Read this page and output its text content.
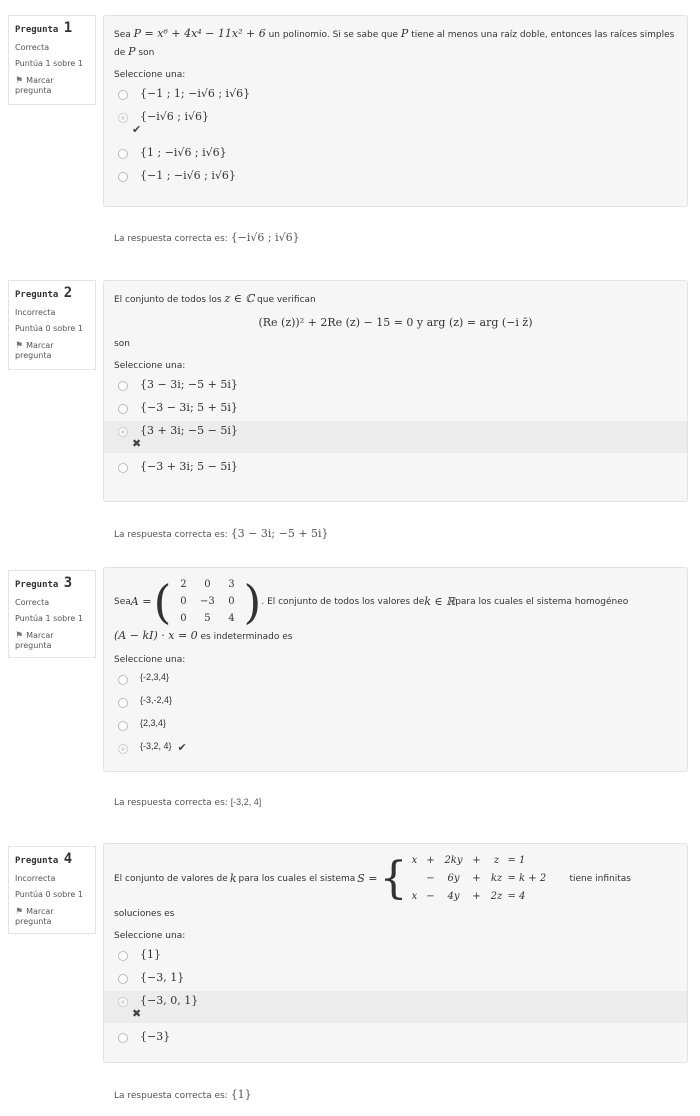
Pregunta 1
Correcta
Puntúa 1 sobre 1
⚑ Marcar pregunta
Sea P = x⁶ + 4x⁴ − 11x² + 6 un polinomio. Si se sabe que P tiene al menos una raíz doble, entonces las raíces simples de P son
Seleccione una:
{−1 ; 1; −i√6 ; i√6}
{−i√6 ; i√6}
✔
{1 ; −i√6 ; i√6}
{−1 ; −i√6 ; i√6}
La respuesta correcta es: {−i√6 ; i√6}
Pregunta 2
Incorrecta
Puntúa 0 sobre 1
⚑ Marcar pregunta
El conjunto de todos los z ∈ ℂ que verifican
(Re (z))² + 2Re (z) − 15 = 0 y arg (z) = arg (−i z̄)
son
Seleccione una:
{3 − 3i; −5 + 5i}
{−3 − 3i; 5 + 5i}
{3 + 3i; −5 − 5i}
✖
{−3 + 3i; 5 − 5i}
La respuesta correcta es: {3 − 3i; −5 + 5i}
Pregunta 3
Correcta
Puntúa 1 sobre 1
⚑ Marcar pregunta
Sea A = ( 2	0	3
0	−3	0
0	5	4 ) . El conjunto de todos los valores de k ∈ ℝ para los cuales el sistema homogéneo
(A − kI) · x = 0 es indeterminado es
Seleccione una:
{-2,3,4}
{-3,-2,4}
{2,3,4}
{-3,2, 4} ✔
La respuesta correcta es: [-3,2, 4]
Pregunta 4
Incorrecta
Puntúa 0 sobre 1
⚑ Marcar pregunta
El conjunto de valores de k para los cuales el sistema S = { x + 2ky +	z = 1
−	6y	+	kz = k + 2
x −	4y	+ 2z = 4
tiene infinitas
soluciones es
Seleccione una:
{1}
{−3, 1}
{−3, 0, 1}
✖
{−3}
La respuesta correcta es: {1}
